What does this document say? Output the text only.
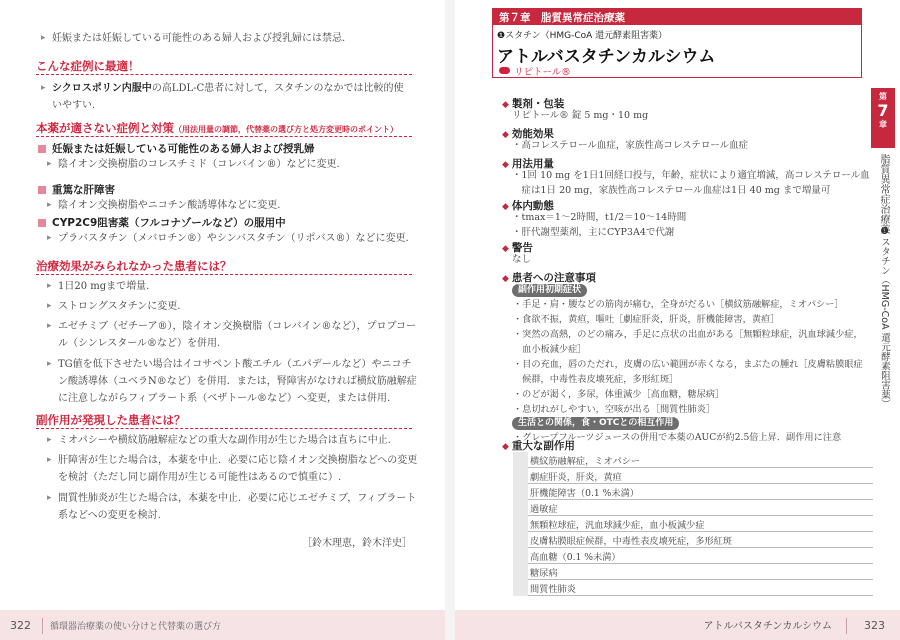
▸ 妊娠または妊娠している可能性のある婦人および授乳婦には禁忌.
こんな症例に最適！
▸ シクロスポリン内服中の高LDL-C患者に対して，スタチンのなかでは比較的使
いやすい.
本薬が適さない症例と対策（用法用量の調節，代替薬の選び方と処方変更時のポイント）
妊娠または妊娠している可能性のある婦人および授乳婦
▸ 陰イオン交換樹脂のコレスチミド（コレバイン®）などに変更.
重篤な肝障害
▸ 陰イオン交換樹脂やニコチン酸誘導体などに変更.
CYP2C9阻害薬（フルコナゾールなど）の服用中
▸ プラバスタチン（メバロチン®）やシンバスタチン（リポバス®）などに変更.
治療効果がみられなかった患者には？
▸ 1日20 mgまで増量.
▸ ストロングスタチンに変更.
▸ エゼチミブ（ゼチーア®），陰イオン交換樹脂（コレバイン®など），プロブコー
ル（シンレスタール®など）を併用.
▸ TG値を低下させたい場合はイコサペント酸エチル（エパデールなど）やニコチ
ン酸誘導体（ユベラN®など）を併用．または，腎障害がなければ横紋筋融解症
に注意しながらフィブラート系（ベザトール®など）へ変更，または併用.
副作用が発現した患者には？
▸ ミオパシーや横紋筋融解症などの重大な副作用が生じた場合は直ちに中止.
▸ 肝障害が生じた場合は，本薬を中止．必要に応じ陰イオン交換樹脂などへの変更
を検討（ただし同じ副作用が生じる可能性はあるので慎重に）.
▸ 間質性肺炎が生じた場合は，本薬を中止．必要に応じエゼチミブ，フィブラート
系などへの変更を検討.
［鈴木理恵，鈴木洋史］
322 循環器治療薬の使い分けと代替薬の選び方
第７章　脂質異常症治療薬
❶スタチン（HMG-CoA 還元酵素阻害薬）
アトルバスタチンカルシウム
リピトール®
◆ 製剤・包装
リピトール® 錠 5 mg・10 mg
◆ 効能効果
・高コレステロール血症，家族性高コレステロール血症
◆ 用法用量
・1回 10 mg を1日1回経口投与，年齢，症状により適宜増減，高コレステロール血
　症は1日 20 mg，家族性高コレステロール血症は1日 40 mg まで増量可
◆ 体内動態
・tmax＝1〜2時間，t1/2＝10〜14時間
・肝代謝型薬剤，主にCYP3A4で代謝
◆ 警告
なし
◆ 患者への注意事項
副作用初期症状
・手足・肩・腰などの筋肉が痛む，全身がだるい［横紋筋融解症，ミオパシー］
・食欲不振，黄疸，嘔吐［劇症肝炎，肝炎，肝機能障害，黄疸］
・突然の高熱，のどの痛み，手足に点状の出血がある［無顆粒球症，汎血球減少症，
　血小板減少症］
・目の充血，唇のただれ，皮膚の広い範囲が赤くなる，まぶたの腫れ［皮膚粘膜眼症
　候群，中毒性表皮壊死症，多形紅斑］
・のどが渇く，多尿，体重減少［高血糖，糖尿病］
・息切れがしやすい，空咳が出る［間質性肺炎］
生活との関係，食・OTCとの相互作用
・グレープフルーツジュースの併用で本薬のAUCが約2.5倍上昇．副作用に注意
◆ 重大な副作用
	横紋筋融解症，ミオパシー
劇症肝炎，肝炎，黄疸
肝機能障害（0.1 %未満）
過敏症
無顆粒球症，汎血球減少症，血小板減少症
皮膚粘膜眼症候群，中毒性表皮壊死症，多形紅斑
高血糖（0.1 %未満）
糖尿病
間質性肺炎
第
7
章
脂質異常症治療薬
❶スタチン（HMG-CoA 還元酵素阻害薬）
アトルバスタチンカルシウム	323
